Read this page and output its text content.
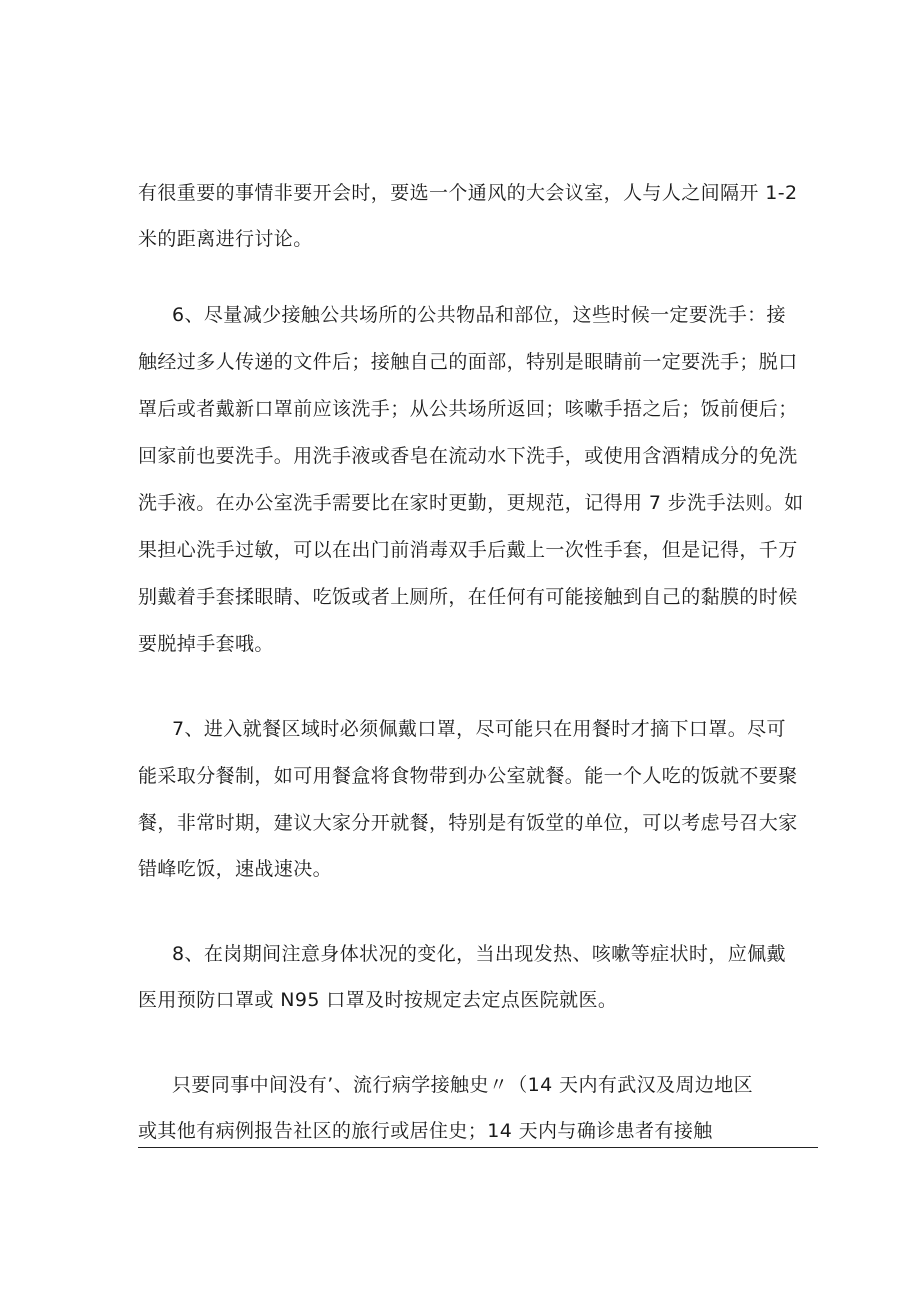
有很重要的事情非要开会时，要选一个通风的大会议室，人与人之间隔开 1-2

米的距离进行讨论。

6、尽量减少接触公共场所的公共物品和部位，这些时候一定要洗手：接

触经过多人传递的文件后；接触自己的面部，特别是眼睛前一定要洗手；脱口

罩后或者戴新口罩前应该洗手；从公共场所返回；咳嗽手捂之后；饭前便后；

回家前也要洗手。用洗手液或香皂在流动水下洗手，或使用含酒精成分的免洗

洗手液。在办公室洗手需要比在家时更勤，更规范，记得用 7 步洗手法则。如

果担心洗手过敏，可以在出门前消毒双手后戴上一次性手套，但是记得，千万

别戴着手套揉眼睛、吃饭或者上厕所，在任何有可能接触到自己的黏膜的时候

要脱掉手套哦。

7、进入就餐区域时必须佩戴口罩，尽可能只在用餐时才摘下口罩。尽可

能采取分餐制，如可用餐盒将食物带到办公室就餐。能一个人吃的饭就不要聚

餐，非常时期，建议大家分开就餐，特别是有饭堂的单位，可以考虑号召大家

错峰吃饭，速战速决。

8、在岗期间注意身体状况的变化，当出现发热、咳嗽等症状时，应佩戴

医用预防口罩或 N95 口罩及时按规定去定点医院就医。

只要同事中间没有’、流行病学接触史〃（14 天内有武汉及周边地区

或其他有病例报告社区的旅行或居住史；14 天内与确诊患者有接触
